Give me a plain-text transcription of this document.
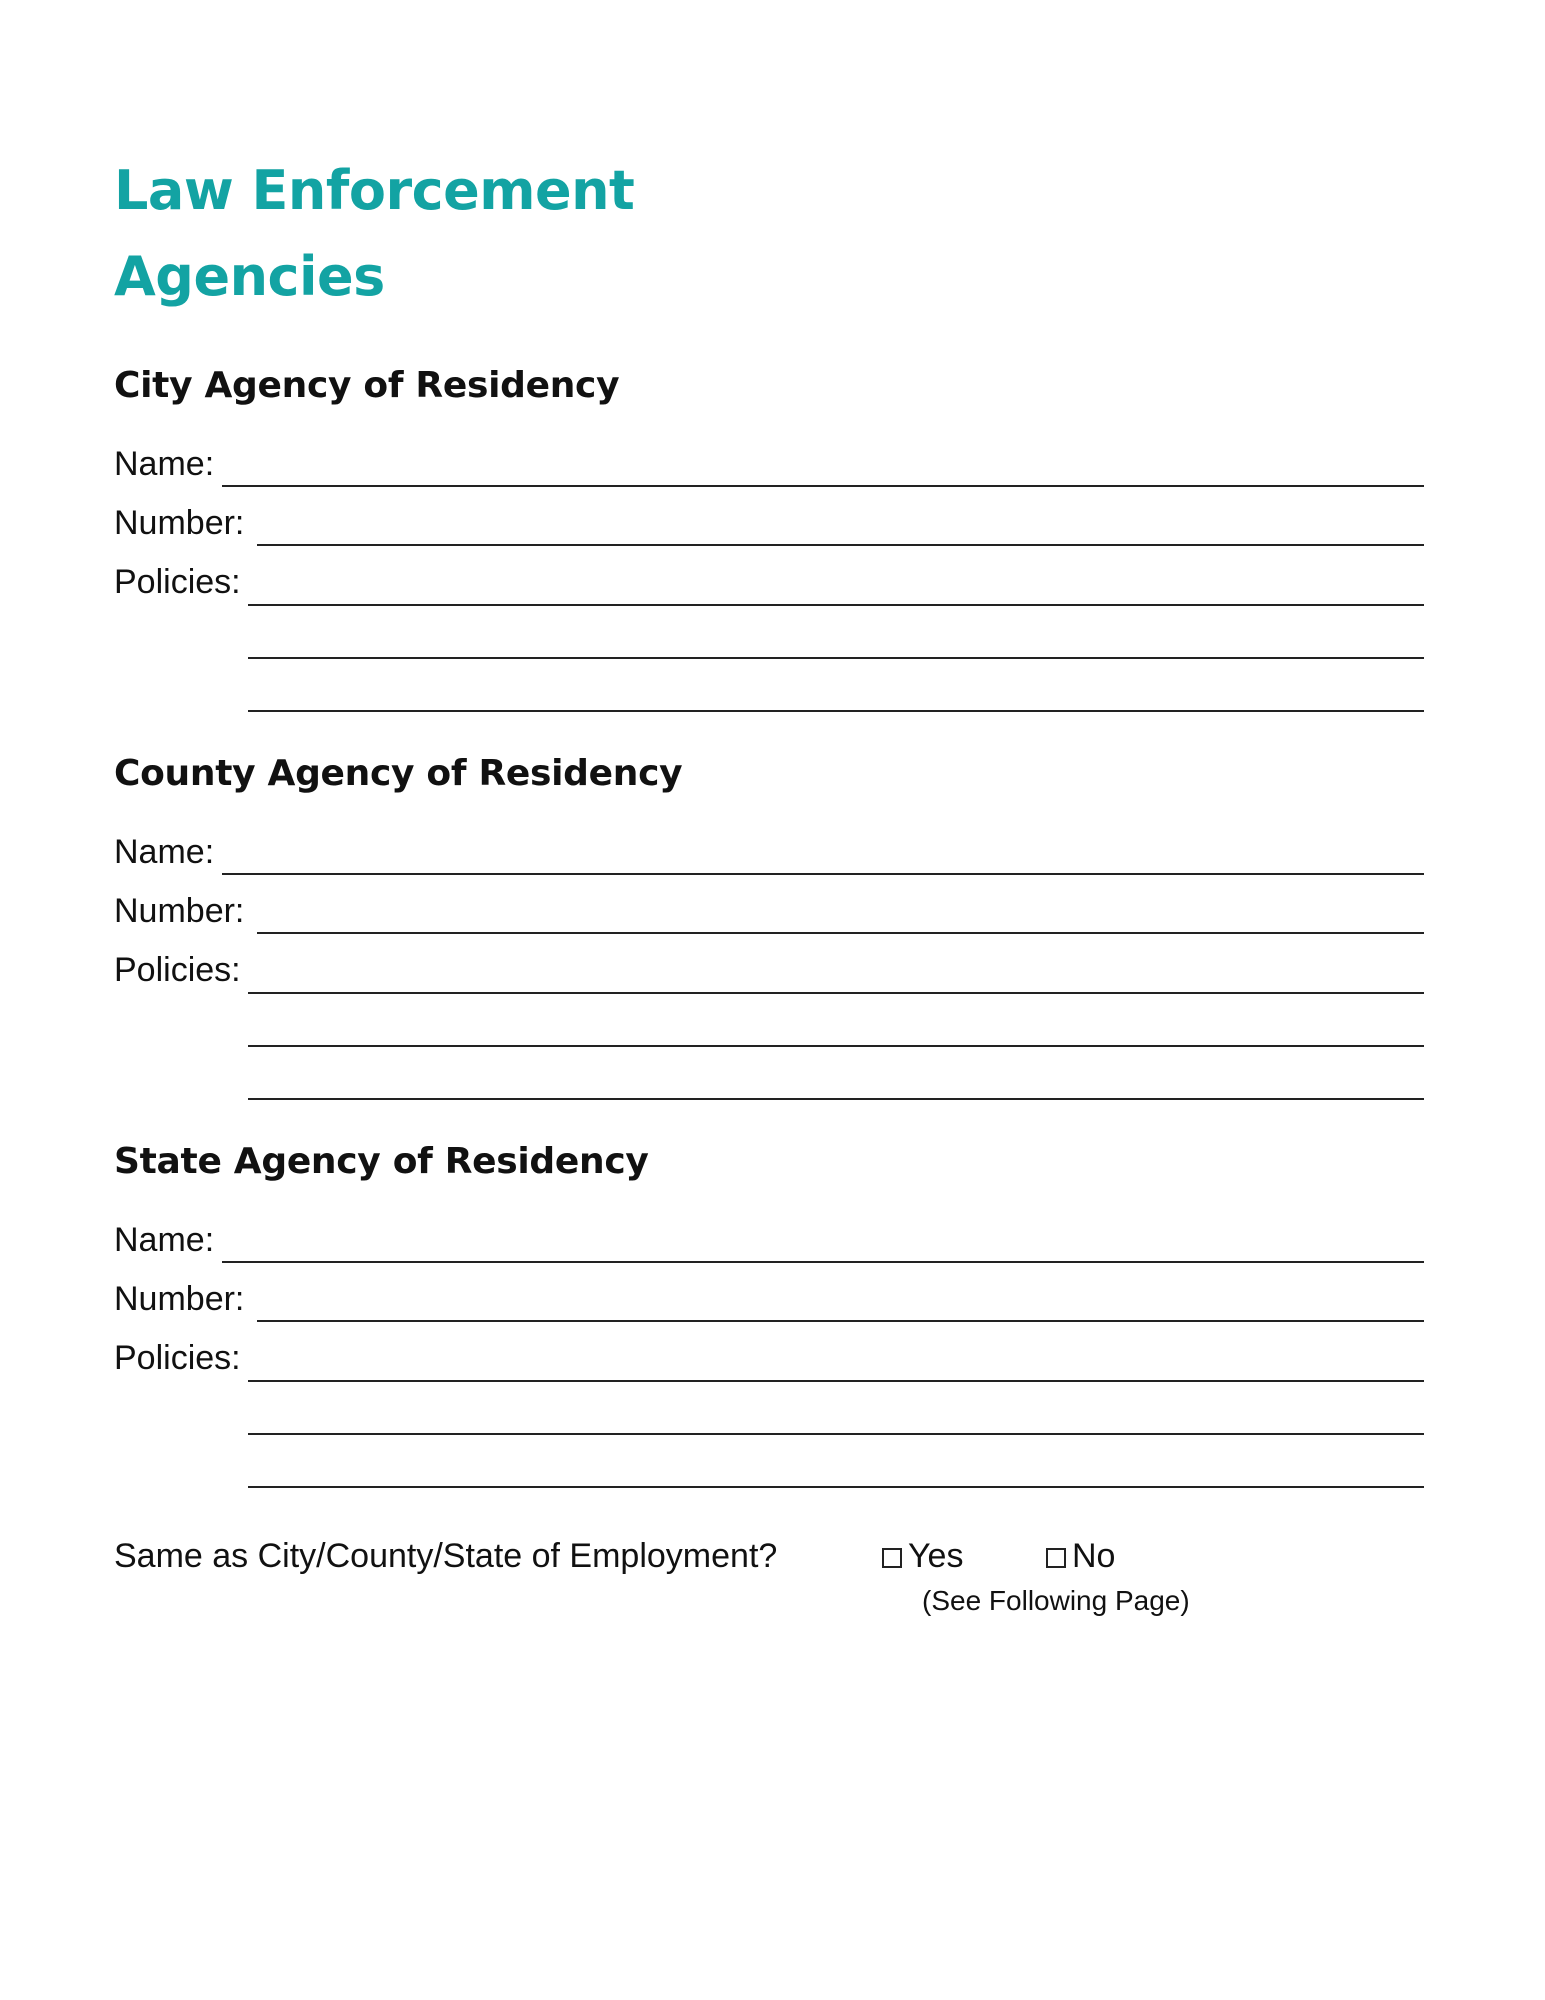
Law Enforcement
Agencies
City Agency of Residency
Name:
Number:
Policies:
County Agency of Residency
Name:
Number:
Policies:
State Agency of Residency
Name:
Number:
Policies:
Same as City/County/State of Employment?	Yes	No
(See Following Page)
